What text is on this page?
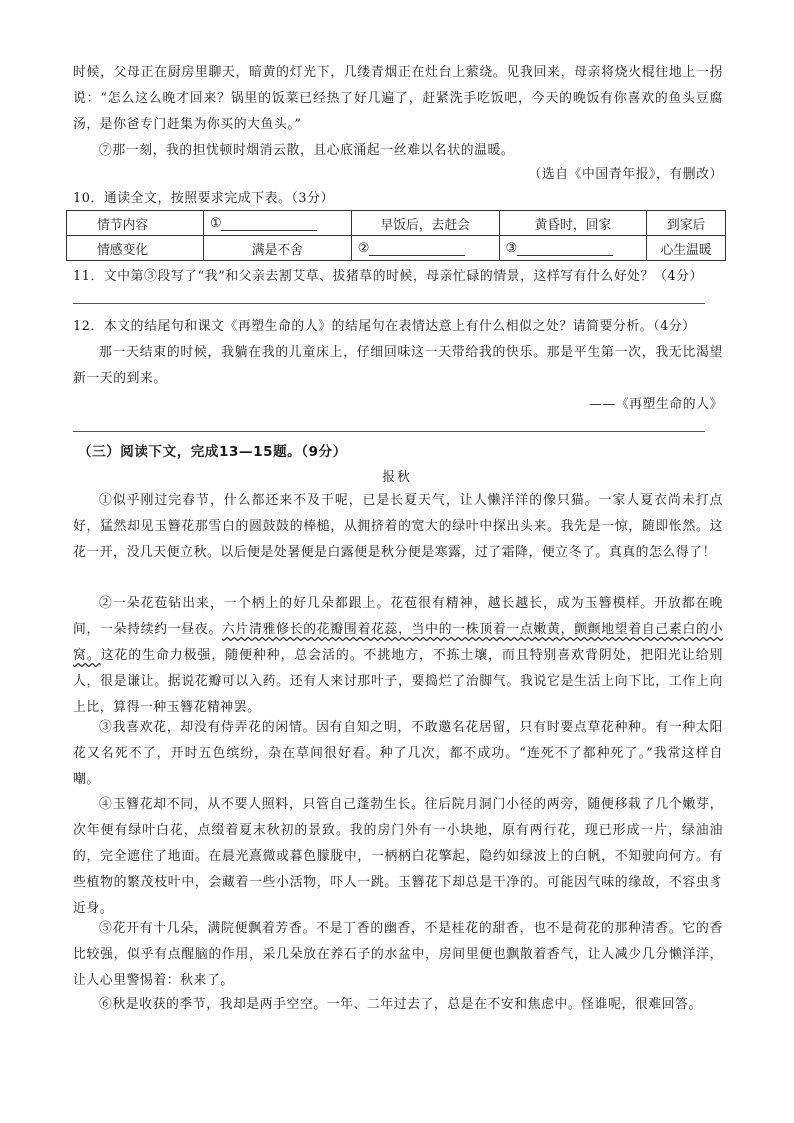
时候，父母正在厨房里聊天，暗黄的灯光下，几缕青烟正在灶台上萦绕。见我回来，母亲将烧火棍往地上一拐说：“怎么这么晚才回来？锅里的饭菜已经热了好几遍了，赶紧洗手吃饭吧，今天的晚饭有你喜欢的鱼头豆腐汤，是你爸专门赶集为你买的大鱼头。”
⑦那一刻，我的担忧顿时烟消云散，且心底涌起一丝难以名状的温暖。
（选自《中国青年报》，有删改）
10．通读全文，按照要求完成下表。（3分）
情节内容	①	早饭后，去赶会	黄昏时，回家	到家后
情感变化	满是不舍	②	③	心生温暖
11．文中第③段写了“我”和父亲去割艾草、拔猪草的时候，母亲忙碌的情景，这样写有什么好处？（4分）
12．本文的结尾句和课文《再塑生命的人》的结尾句在表情达意上有什么相似之处？请简要分析。（4分）
那一天结束的时候，我躺在我的儿童床上，仔细回味这一天带给我的快乐。那是平生第一次，我无比渴望新一天的到来。
——《再塑生命的人》
（三）阅读下文，完成13—15题。（9分）
报秋
①似乎刚过完春节，什么都还来不及干呢，已是长夏天气，让人懒洋洋的像只猫。一家人夏衣尚未打点好，猛然却见玉簪花那雪白的圆鼓鼓的棒槌，从拥挤着的宽大的绿叶中探出头来。我先是一惊，随即怅然。这花一开，没几天便立秋。以后便是处暑便是白露便是秋分便是寒露，过了霜降，便立冬了。真真的怎么得了！
②一朵花苞钻出来，一个柄上的好几朵都跟上。花苞很有精神，越长越长，成为玉簪模样。开放都在晚间，一朵持续约一昼夜。六片清雅修长的花瓣围着花蕊，当中的一株顶着一点嫩黄，颤颤地望着自己素白的小窝。这花的生命力极强，随便种种，总会活的。不挑地方，不拣土壤，而且特别喜欢背阴处，把阳光让给别人，很是谦让。据说花瓣可以入药。还有人来讨那叶子，要捣烂了治脚气。我说它是生活上向下比，工作上向上比，算得一种玉簪花精神罢。
③我喜欢花，却没有侍弄花的闲情。因有自知之明，不敢邀名花居留，只有时要点草花种种。有一种太阳花又名死不了，开时五色缤纷，杂在草间很好看。种了几次，都不成功。“连死不了都种死了。”我常这样自嘲。
④玉簪花却不同，从不要人照料，只管自己蓬勃生长。往后院月洞门小径的两旁，随便移栽了几个嫩芽，次年便有绿叶白花，点缀着夏末秋初的景致。我的房门外有一小块地，原有两行花，现已形成一片，绿油油的，完全遮住了地面。在晨光熹微或暮色朦胧中，一柄柄白花擎起，隐约如绿波上的白帆，不知驶向何方。有些植物的繁茂枝叶中，会藏着一些小活物，吓人一跳。玉簪花下却总是干净的。可能因气味的缘故，不容虫豸近身。
⑤花开有十几朵，满院便飘着芳香。不是丁香的幽香，不是桂花的甜香，也不是荷花的那种清香。它的香比较强，似乎有点醒脑的作用，采几朵放在养石子的水盆中，房间里便也飘散着香气，让人减少几分懒洋洋，让人心里警惕着：秋来了。
⑥秋是收获的季节，我却是两手空空。一年、二年过去了，总是在不安和焦虑中。怪谁呢，很难回答。
